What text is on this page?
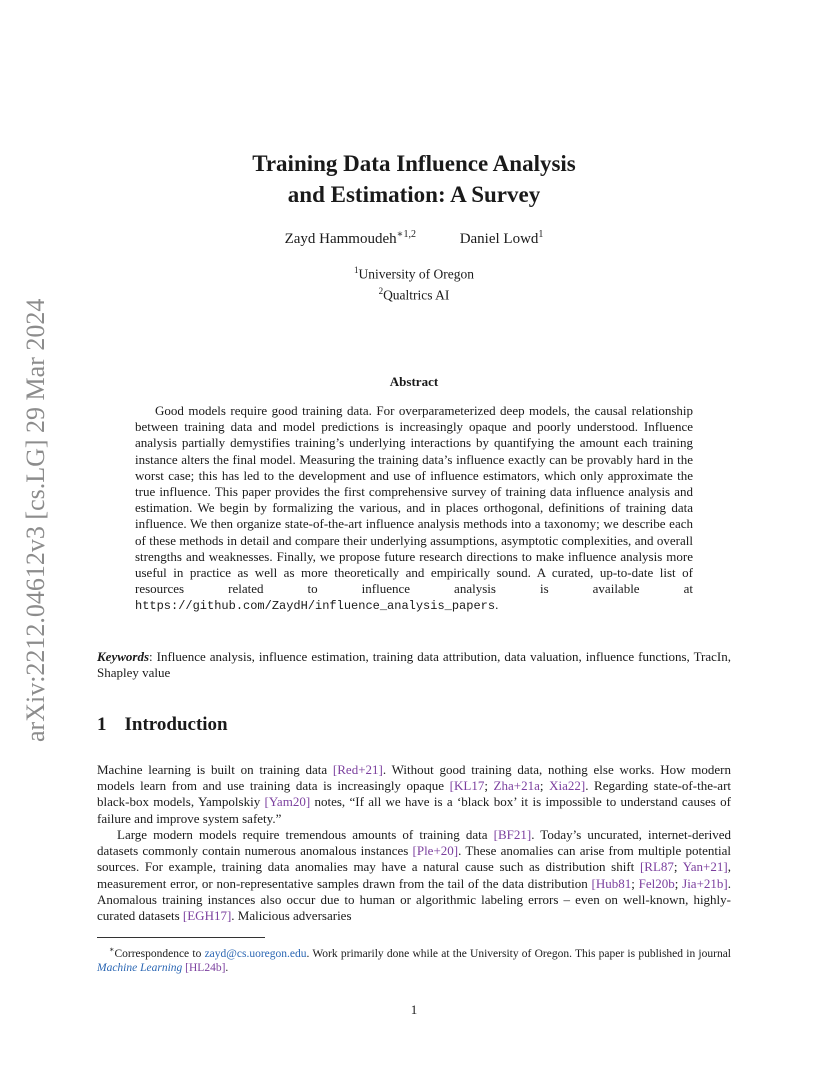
arXiv:2212.04612v3 [cs.LG] 29 Mar 2024
Training Data Influence Analysis
and Estimation: A Survey
Zayd Hammoudeh$^{∗1,2}$	Daniel Lowd$^1$
$^1$University of Oregon
$^2$Qualtrics AI
Abstract

Good models require good training data. For overparameterized deep models, the causal relationship between training data and model predictions is increasingly opaque and poorly understood. Influence analysis partially demystifies training’s underlying interactions by quantifying the amount each training instance alters the final model. Measuring the training data’s influence exactly can be provably hard in the worst case; this has led to the development and use of influence estimators, which only approximate the true influence. This paper provides the first comprehensive survey of training data influence analysis and estimation. We begin by formalizing the various, and in places orthogonal, definitions of training data influence. We then organize state-of-the-art influence analysis methods into a taxonomy; we describe each of these methods in detail and compare their underlying assumptions, asymptotic complexities, and overall strengths and weaknesses. Finally, we propose future research directions to make influence analysis more useful in practice as well as more theoretically and empirically sound. A curated, up-to-date list of resources related to influence analysis is available at https://github.com/ZaydH/influence_analysis_papers.

Keywords: Influence analysis, influence estimation, training data attribution, data valuation, influence functions, TracIn, Shapley value

1 Introduction

Machine learning is built on training data [Red+21]. Without good training data, nothing else works. How modern models learn from and use training data is increasingly opaque [KL17; Zha+21a; Xia22]. Regarding state-of-the-art black-box models, Yampolskiy [Yam20] notes, “If all we have is a ‘black box’ it is impossible to understand causes of failure and improve system safety.”

Large modern models require tremendous amounts of training data [BF21]. Today’s uncurated, internet-derived datasets commonly contain numerous anomalous instances [Ple+20]. These anomalies can arise from multiple potential sources. For example, training data anomalies may have a natural cause such as distribution shift [RL87; Yan+21], measurement error, or non-representative samples drawn from the tail of the data distribution [Hub81; Fel20b; Jia+21b]. Anomalous training instances also occur due to human or algorithmic labeling errors – even on well-known, highly-curated datasets [EGH17]. Malicious adversaries

∗Correspondence to zayd@cs.uoregon.edu. Work primarily done while at the University of Oregon. This paper is published in journal Machine Learning [HL24b].

1
